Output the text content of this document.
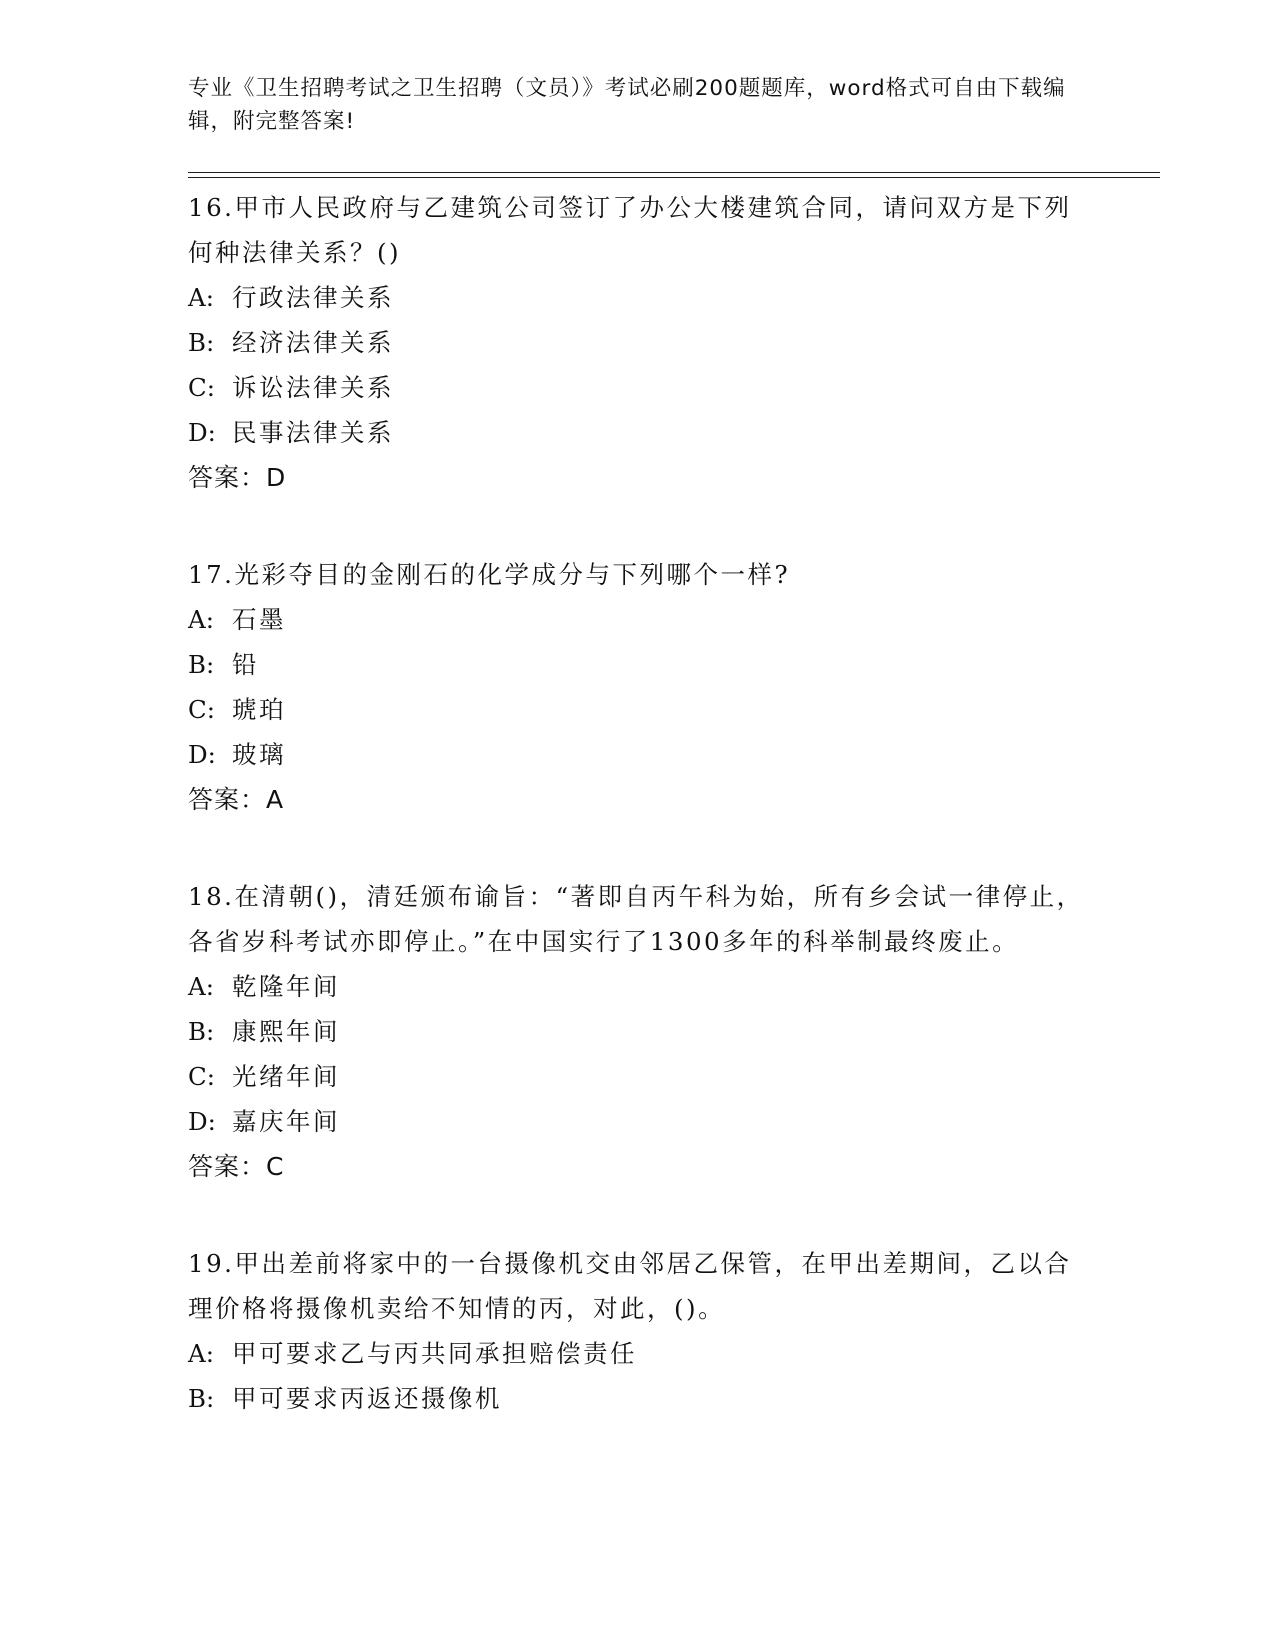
专业《卫生招聘考试之卫生招聘（文员）》考试必刷200题题库，word格式可自由下载编辑，附完整答案!
16.甲市人民政府与乙建筑公司签订了办公大楼建筑合同，请问双方是下列何种法律关系？()
A: 行政法律关系
B: 经济法律关系
C: 诉讼法律关系
D: 民事法律关系
答案：D
17.光彩夺目的金刚石的化学成分与下列哪个一样?
A: 石墨
B: 铅
C: 琥珀
D: 玻璃
答案：A
18.在清朝()，清廷颁布谕旨：“著即自丙午科为始，所有乡会试一律停止，各省岁科考试亦即停止。”在中国实行了1300多年的科举制最终废止。
A: 乾隆年间
B: 康熙年间
C: 光绪年间
D: 嘉庆年间
答案：C
19.甲出差前将家中的一台摄像机交由邻居乙保管，在甲出差期间，乙以合理价格将摄像机卖给不知情的丙，对此，()。
A: 甲可要求乙与丙共同承担赔偿责任
B: 甲可要求丙返还摄像机
